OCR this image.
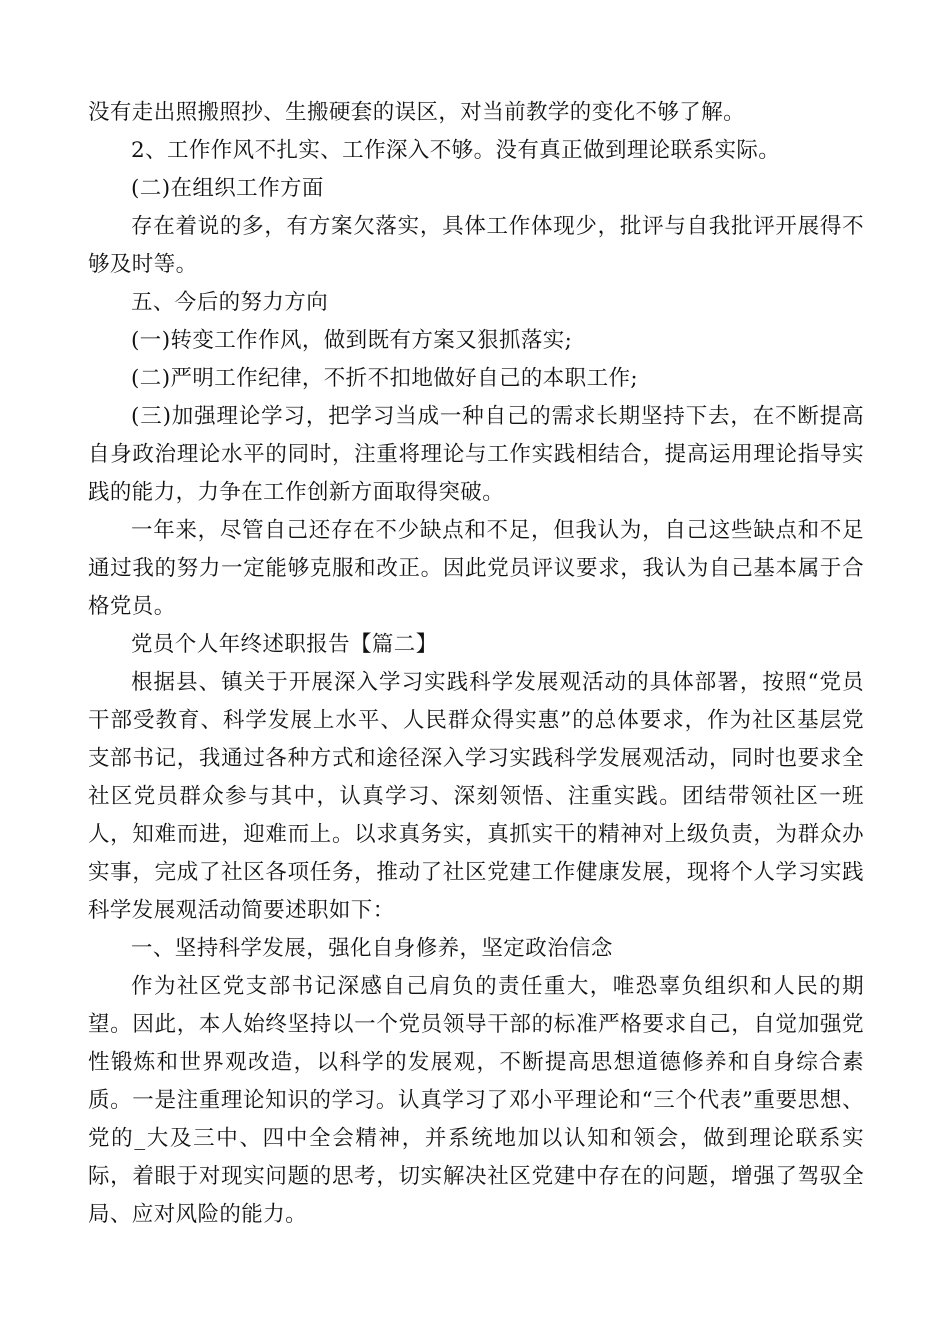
没有走出照搬照抄、生搬硬套的误区，对当前教学的变化不够了解。

2、工作作风不扎实、工作深入不够。没有真正做到理论联系实际。

(二)在组织工作方面

存在着说的多，有方案欠落实，具体工作体现少，批评与自我批评开展得不够及时等。

五、今后的努力方向

(一)转变工作作风，做到既有方案又狠抓落实;

(二)严明工作纪律，不折不扣地做好自己的本职工作;

(三)加强理论学习，把学习当成一种自己的需求长期坚持下去，在不断提高自身政治理论水平的同时，注重将理论与工作实践相结合，提高运用理论指导实践的能力，力争在工作创新方面取得突破。

一年来，尽管自己还存在不少缺点和不足，但我认为，自己这些缺点和不足通过我的努力一定能够克服和改正。因此党员评议要求，我认为自己基本属于合格党员。

党员个人年终述职报告【篇二】

根据县、镇关于开展深入学习实践科学发展观活动的具体部署，按照“党员干部受教育、科学发展上水平、人民群众得实惠”的总体要求，作为社区基层党支部书记，我通过各种方式和途径深入学习实践科学发展观活动，同时也要求全社区党员群众参与其中，认真学习、深刻领悟、注重实践。团结带领社区一班人，知难而进，迎难而上。以求真务实，真抓实干的精神对上级负责，为群众办实事，完成了社区各项任务，推动了社区党建工作健康发展，现将个人学习实践科学发展观活动简要述职如下：

一、坚持科学发展，强化自身修养，坚定政治信念

作为社区党支部书记深感自己肩负的责任重大，唯恐辜负组织和人民的期望。因此，本人始终坚持以一个党员领导干部的标准严格要求自己，自觉加强党性锻炼和世界观改造，以科学的发展观，不断提高思想道德修养和自身综合素质。一是注重理论知识的学习。认真学习了邓小平理论和“三个代表”重要思想、党的_大及三中、四中全会精神，并系统地加以认知和领会，做到理论联系实际，着眼于对现实问题的思考，切实解决社区党建中存在的问题，增强了驾驭全局、应对风险的能力。
